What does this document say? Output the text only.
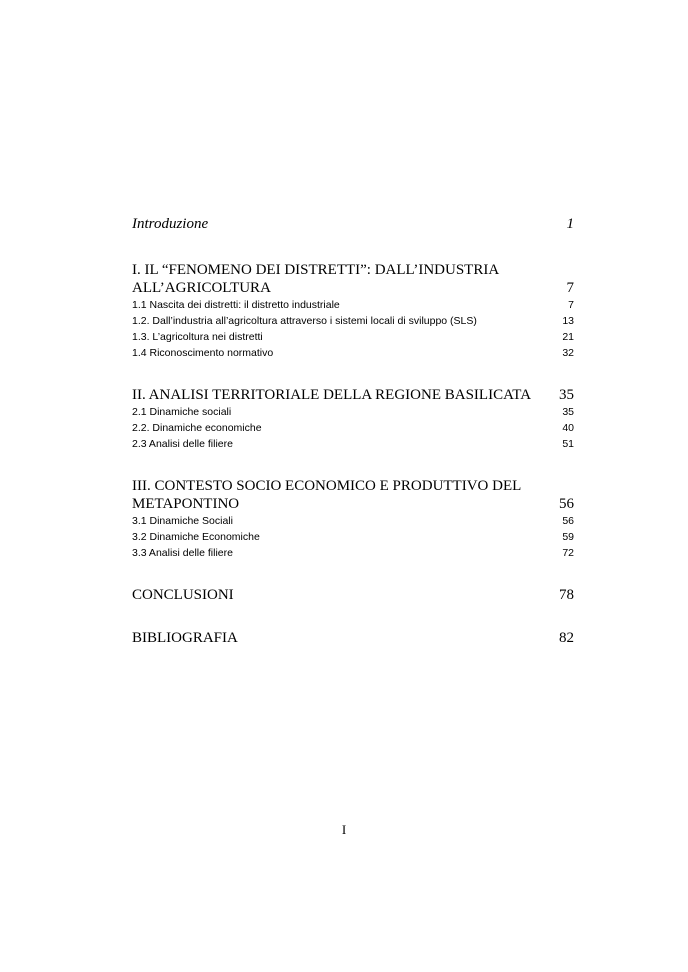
Introduzione	1
I. IL “FENOMENO DEI DISTRETTI”: DALL’INDUSTRIA ALL’AGRICOLTURA	7
1.1 Nascita dei distretti: il distretto industriale	7
1.2. Dall’industria all’agricoltura attraverso i sistemi locali di sviluppo (SLS)	13
1.3. L’agricoltura nei distretti	21
1.4 Riconoscimento normativo	32
II. ANALISI TERRITORIALE DELLA REGIONE BASILICATA 35
2.1 Dinamiche sociali	35
2.2. Dinamiche economiche	40
2.3 Analisi delle filiere	51
III. CONTESTO SOCIO ECONOMICO E PRODUTTIVO DEL METAPONTINO	56
3.1 Dinamiche Sociali	56
3.2 Dinamiche Economiche	59
3.3 Analisi delle filiere	72
CONCLUSIONI	78
BIBLIOGRAFIA	82
I
